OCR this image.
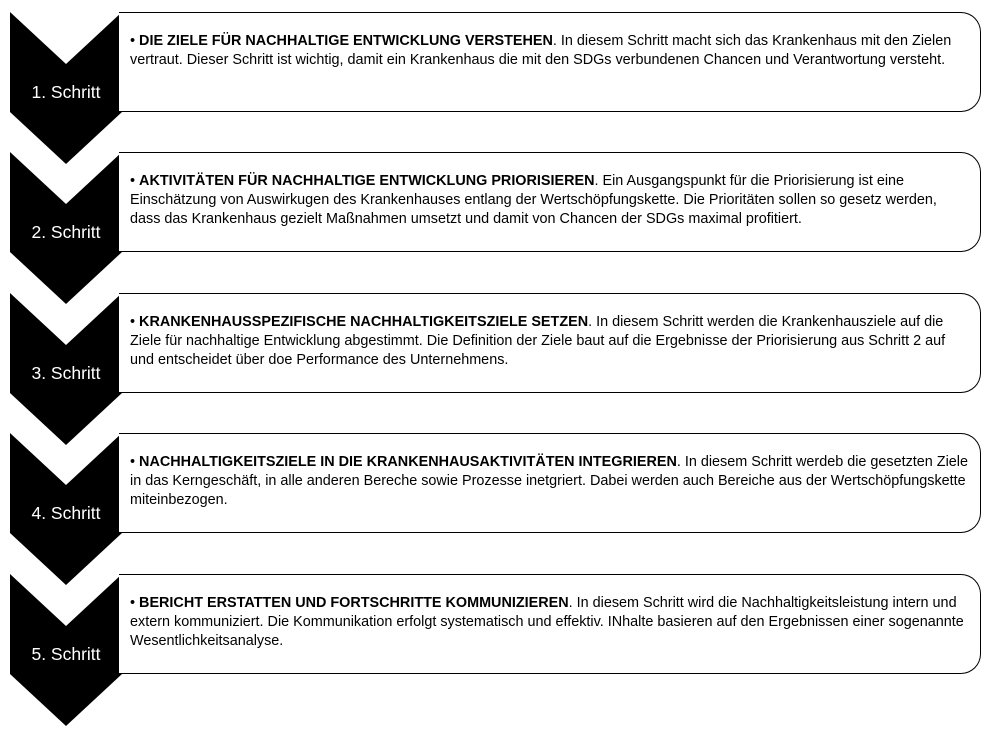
1. Schritt

• DIE ZIELE FÜR NACHHALTIGE ENTWICKLUNG VERSTEHEN. In diesem Schritt macht sich das Krankenhaus mit den Zielen vertraut. Dieser Schritt ist wichtig, damit ein Krankenhaus die mit den SDGs verbundenen Chancen und Verantwortung versteht.

2. Schritt

• AKTIVITÄTEN FÜR NACHHALTIGE ENTWICKLUNG PRIORISIEREN. Ein Ausgangspunkt für die Priorisierung ist eine Einschätzung von Auswirkugen des Krankenhauses entlang der Wertschöpfungskette. Die Prioritäten sollen so gesetz werden, dass das Krankenhaus gezielt Maßnahmen umsetzt und damit von Chancen der SDGs maximal profitiert.

3. Schritt

• KRANKENHAUSSPEZIFISCHE NACHHALTIGKEITSZIELE SETZEN. In diesem Schritt werden die Krankenhausziele auf die Ziele für nachhaltige Entwicklung abgestimmt. Die Definition der Ziele baut auf die Ergebnisse der Priorisierung aus Schritt 2 auf und entscheidet über doe Performance des Unternehmens.

4. Schritt

• NACHHALTIGKEITSZIELE IN DIE KRANKENHAUSAKTIVITÄTEN INTEGRIEREN. In diesem Schritt werdeb die gesetzten Ziele in das Kerngeschäft, in alle anderen Bereche sowie Prozesse inetgriert. Dabei werden auch Bereiche aus der Wertschöpfungskette miteinbezogen.

5. Schritt

• BERICHT ERSTATTEN UND FORTSCHRITTE KOMMUNIZIEREN. In diesem Schritt wird die Nachhaltigkeitsleistung intern und extern kommuniziert. Die Kommunikation erfolgt systematisch und effektiv. INhalte basieren auf den Ergebnissen einer sogenannte Wesentlichkeitsanalyse.
